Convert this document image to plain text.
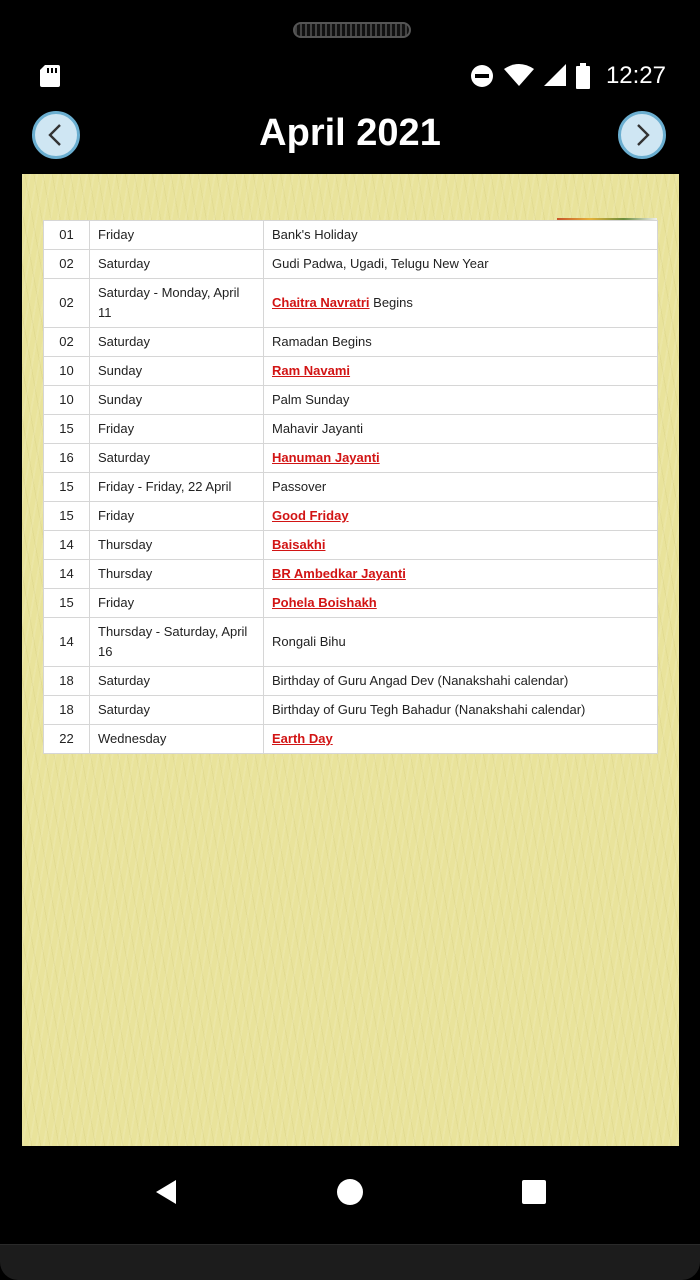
12:27
April 2021
01	Friday	Bank's Holiday
02	Saturday	Gudi Padwa, Ugadi, Telugu New Year
02	Saturday - Monday, April 11	Chaitra Navratri Begins
02	Saturday	Ramadan Begins
10	Sunday	Ram Navami
10	Sunday	Palm Sunday
15	Friday	Mahavir Jayanti
16	Saturday	Hanuman Jayanti
15	Friday - Friday, 22 April	Passover
15	Friday	Good Friday
14	Thursday	Baisakhi
14	Thursday	BR Ambedkar Jayanti
15	Friday	Pohela Boishakh
14	Thursday - Saturday, April 16	Rongali Bihu
18	Saturday	Birthday of Guru Angad Dev (Nanakshahi calendar)
18	Saturday	Birthday of Guru Tegh Bahadur (Nanakshahi calendar)
22	Wednesday	Earth Day
